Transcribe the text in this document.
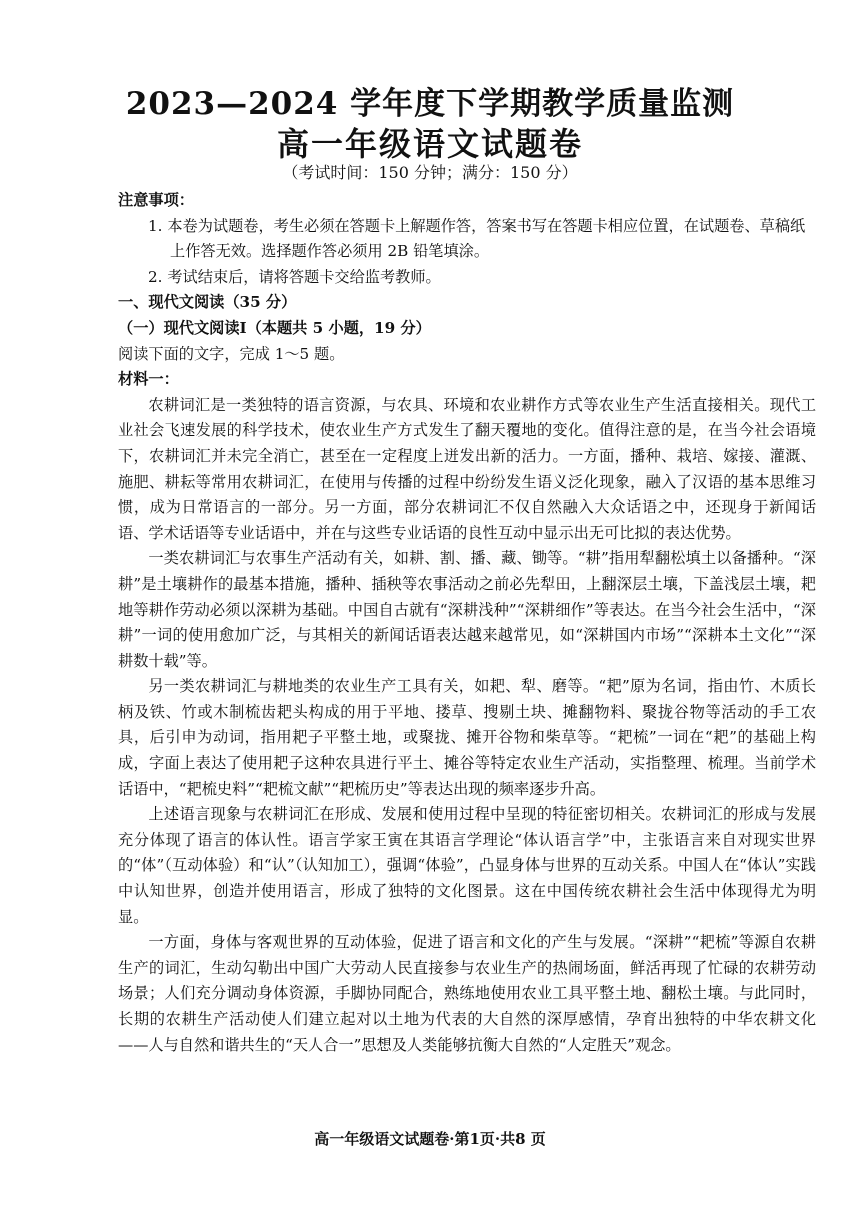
2023—2024 学年度下学期教学质量监测
高一年级语文试题卷
（考试时间：150 分钟；满分：150 分）
注意事项：
1. 本卷为试题卷，考生必须在答题卡上解题作答，答案书写在答题卡相应位置，在试题卷、草稿纸上作答无效。选择题作答必须用 2B 铅笔填涂。
2. 考试结束后，请将答题卡交给监考教师。
一、现代文阅读（35 分）
（一）现代文阅读Ⅰ（本题共 5 小题，19 分）
阅读下面的文字，完成 1～5 题。
材料一：
农耕词汇是一类独特的语言资源，与农具、环境和农业耕作方式等农业生产生活直接相关。现代工业社会飞速发展的科学技术，使农业生产方式发生了翻天覆地的变化。值得注意的是，在当今社会语境下，农耕词汇并未完全消亡，甚至在一定程度上迸发出新的活力。一方面，播种、栽培、嫁接、灌溉、施肥、耕耘等常用农耕词汇，在使用与传播的过程中纷纷发生语义泛化现象，融入了汉语的基本思维习惯，成为日常语言的一部分。另一方面，部分农耕词汇不仅自然融入大众话语之中，还现身于新闻话语、学术话语等专业话语中，并在与这些专业话语的良性互动中显示出无可比拟的表达优势。
一类农耕词汇与农事生产活动有关，如耕、割、播、藏、锄等。“耕”指用犁翻松填土以备播种。“深耕”是土壤耕作的最基本措施，播种、插秧等农事活动之前必先犁田，上翻深层土壤，下盖浅层土壤，耙地等耕作劳动必须以深耕为基础。中国自古就有“深耕浅种”“深耕细作”等表达。在当今社会生活中，“深耕”一词的使用愈加广泛，与其相关的新闻话语表达越来越常见，如“深耕国内市场”“深耕本土文化”“深耕数十载”等。
另一类农耕词汇与耕地类的农业生产工具有关，如耙、犁、磨等。“耙”原为名词，指由竹、木质长柄及铁、竹或木制梳齿耙头构成的用于平地、搂草、搜剔土块、摊翻物料、聚拢谷物等活动的手工农具，后引申为动词，指用耙子平整土地，或聚拢、摊开谷物和柴草等。“耙梳”一词在“耙”的基础上构成，字面上表达了使用耙子这种农具进行平土、摊谷等特定农业生产活动，实指整理、梳理。当前学术话语中，“耙梳史料”“耙梳文献”“耙梳历史”等表达出现的频率逐步升高。
上述语言现象与农耕词汇在形成、发展和使用过程中呈现的特征密切相关。农耕词汇的形成与发展充分体现了语言的体认性。语言学家王寅在其语言学理论“体认语言学”中，主张语言来自对现实世界的“体”（互动体验）和“认”（认知加工），强调“体验”，凸显身体与世界的互动关系。中国人在“体认”实践中认知世界，创造并使用语言，形成了独特的文化图景。这在中国传统农耕社会生活中体现得尤为明显。
一方面，身体与客观世界的互动体验，促进了语言和文化的产生与发展。“深耕”“耙梳”等源自农耕生产的词汇，生动勾勒出中国广大劳动人民直接参与农业生产的热闹场面，鲜活再现了忙碌的农耕劳动场景；人们充分调动身体资源，手脚协同配合，熟练地使用农业工具平整土地、翻松土壤。与此同时，长期的农耕生产活动使人们建立起对以土地为代表的大自然的深厚感情，孕育出独特的中华农耕文化——人与自然和谐共生的“天人合一”思想及人类能够抗衡大自然的“人定胜天”观念。
高一年级语文试题卷·第1页·共8 页
